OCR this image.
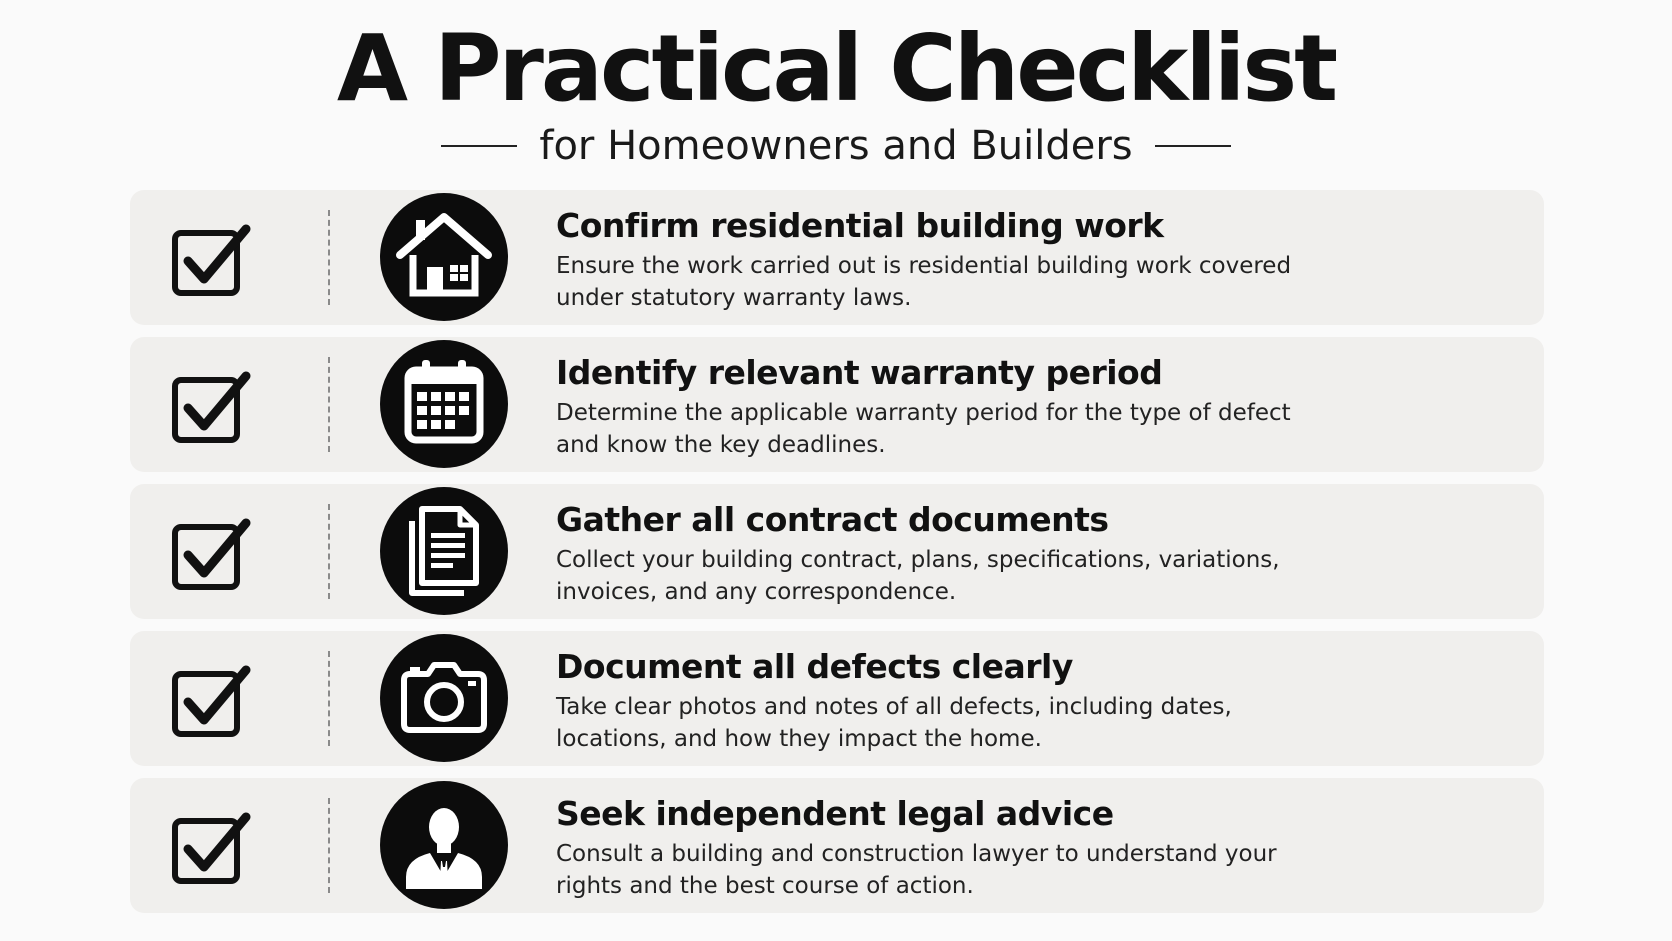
A Practical Checklist
for Homeowners and Builders
Confirm residential building work
Ensure the work carried out is residential building work covered under statutory warranty laws.
Identify relevant warranty period
Determine the applicable warranty period for the type of defect and know the key deadlines.
Gather all contract documents
Collect your building contract, plans, specifications, variations, invoices, and any correspondence.
Document all defects clearly
Take clear photos and notes of all defects, including dates, locations, and how they impact the home.
Seek independent legal advice
Consult a building and construction lawyer to understand your rights and the best course of action.
